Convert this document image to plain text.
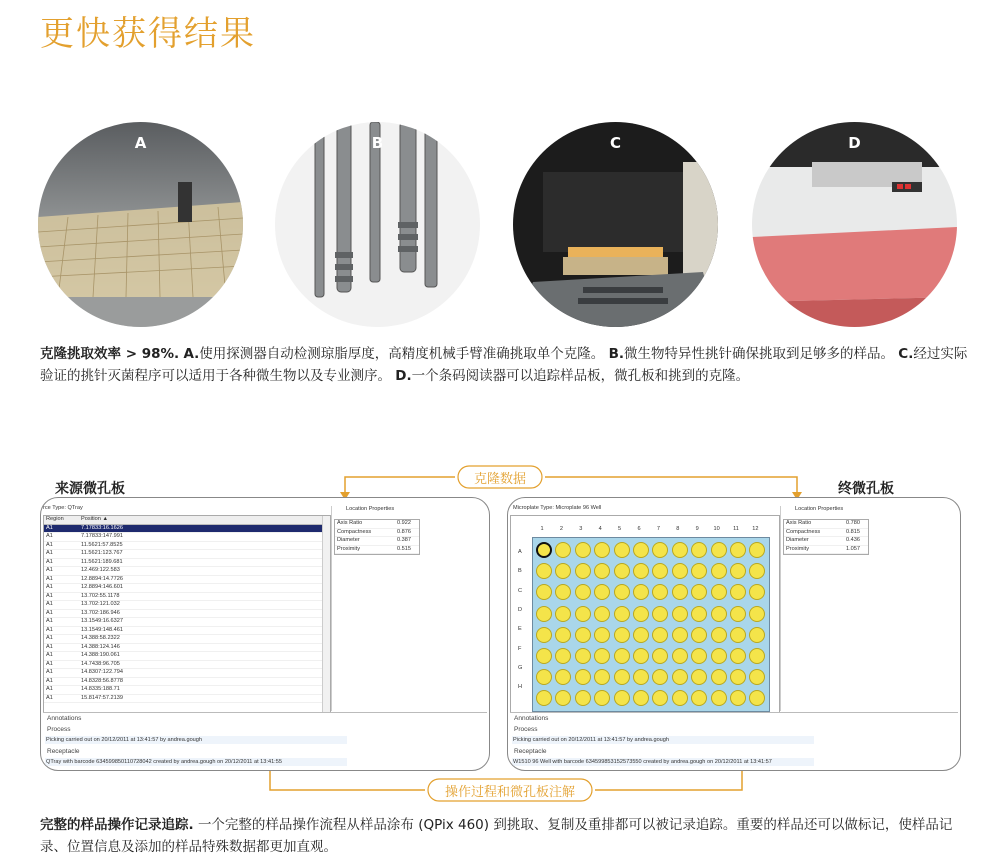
更快获得结果
A	B	C	D
克隆挑取效率 > 98%. A.使用探测器自动检测琼脂厚度，高精度机械手臂准确挑取单个克隆。 B.微生物特异性挑针确保挑取到足够多的样品。 C.经过实际验证的挑针灭菌程序可以适用于各种微生物以及专业测序。 D.一个条码阅读器可以追踪样品板，微孔板和挑到的克隆。
克隆数据
操作过程和微孔板注解
来源微孔板	终微孔板
rce Type: QTray
Region	Position ▲
A1	7.17833:16.1626
A1	7.17833:147.991
A1	11.5621:57.8525
A1	11.5621:123.767
A1	11.5621:189.681
A1	12.469:122.583
A1	12.8894:14.7726
A1	12.8894:146.601
A1	13.702:55.1178
A1	13.702:121.032
A1	13.702:186.946
A1	13.1549:16.6327
A1	13.1549:148.461
A1	14.388:58.2322
A1	14.388:124.146
A1	14.388:190.061
A1	14.7438:96.705
A1	14.8307:122.794
A1	14.8328:56.8778
A1	14.8335:188.71
A1	15.8147:57.2139
Location Properties
Axis Ratio	0.922
Compactness	0.876
Diameter	0.387
Proximity	0.515
Annotations
Process
Picking carried out on 20/12/2011 at 13:41:57 by andrea.gough
Receptacle
QTray with barcode 634599850110728042 created by andrea.gough on 20/12/2011 at 13:41:55
Microplate Type: Microplate 96 Well
1	2	3	4	5	6	7	8	9	10	11	12
A
B
C
D
E
F
G
H
Location Properties
Axis Ratio	0.780
Compactness	0.815
Diameter	0.436
Proximity	1.057
Annotations
Process
Picking carried out on 20/12/2011 at 13:41:57 by andrea.gough
Receptacle
W1510 96 Well with barcode 634599853152573550 created by andrea.gough on 20/12/2011 at 13:41:57
完整的样品操作记录追踪. 一个完整的样品操作流程从样品涂布 (QPix 460) 到挑取、复制及重排都可以被记录追踪。重要的样品还可以做标记，使样品记录、位置信息及添加的样品特殊数据都更加直观。
